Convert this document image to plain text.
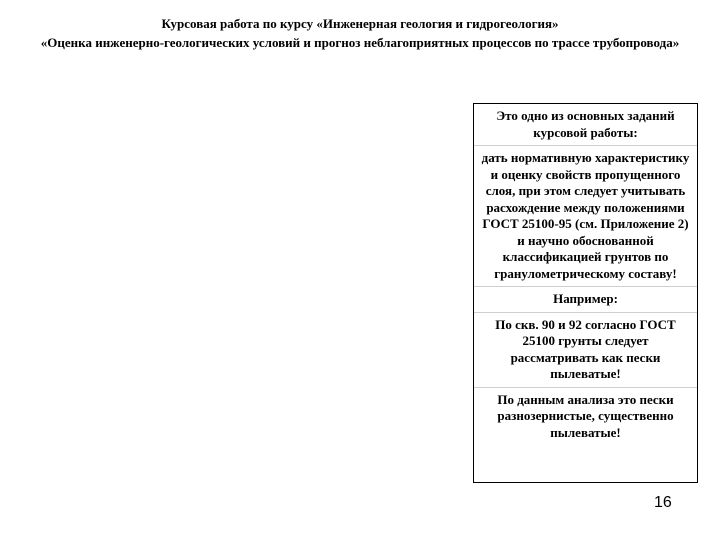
Курсовая работа по курсу «Инженерная геология и гидрогеология»
«Оценка инженерно-геологических условий и прогноз неблагоприятных процессов по трассе трубопровода»
Это одно из основных заданий курсовой работы:
дать нормативную характеристику и оценку свойств пропущенного слоя, при этом следует учитывать расхождение между положениями ГОСТ 25100-95 (см. Приложение 2) и научно обоснованной классификацией грунтов по гранулометрическому составу!
Например:
По скв. 90 и 92 согласно ГОСТ 25100 грунты следует рассматривать как пески пылеватые!
По данным анализа это пески разнозернистые, существенно пылеватые!
16
